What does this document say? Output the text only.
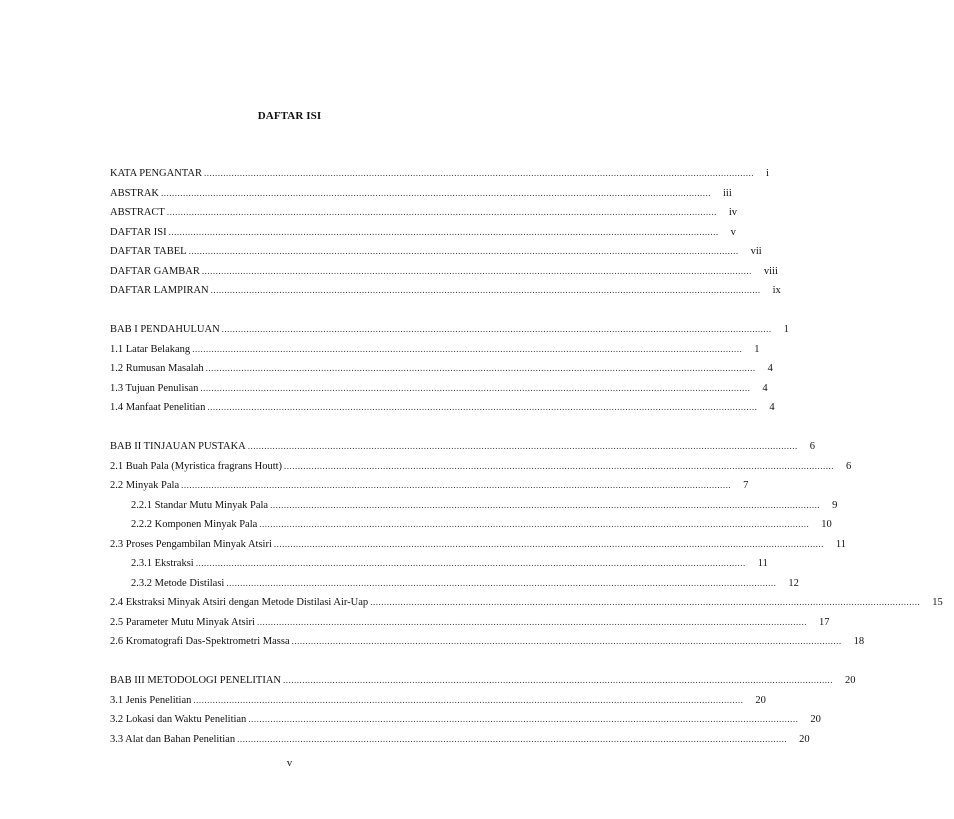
DAFTAR ISI
KATA PENGANTAR ........................................................................................................................................................................................................ i
ABSTRAK ........................................................................................................................................................................................................ iii
ABSTRACT ........................................................................................................................................................................................................ iv
DAFTAR ISI ........................................................................................................................................................................................................ v
DAFTAR TABEL ........................................................................................................................................................................................................ vii
DAFTAR GAMBAR ........................................................................................................................................................................................................ viii
DAFTAR LAMPIRAN ........................................................................................................................................................................................................ ix
BAB I PENDAHULUAN ........................................................................................................................................................................................................ 1
1.1 Latar Belakang ........................................................................................................................................................................................................ 1
1.2 Rumusan Masalah ........................................................................................................................................................................................................ 4
1.3 Tujuan Penulisan ........................................................................................................................................................................................................ 4
1.4 Manfaat Penelitian ........................................................................................................................................................................................................ 4
BAB II TINJAUAN PUSTAKA ........................................................................................................................................................................................................ 6
2.1 Buah Pala (Myristica fragrans Houtt) ........................................................................................................................................................................................................ 6
2.2 Minyak Pala ........................................................................................................................................................................................................ 7
2.2.1 Standar Mutu Minyak Pala ........................................................................................................................................................................................................ 9
2.2.2 Komponen Minyak Pala ........................................................................................................................................................................................................ 10
2.3 Proses Pengambilan Minyak Atsiri ........................................................................................................................................................................................................ 11
2.3.1 Ekstraksi ........................................................................................................................................................................................................ 11
2.3.2 Metode Distilasi ........................................................................................................................................................................................................ 12
2.4 Ekstraksi Minyak Atsiri dengan Metode Distilasi Air-Uap ........................................................................................................................................................................................................ 15
2.5 Parameter Mutu Minyak Atsiri ........................................................................................................................................................................................................ 17
2.6 Kromatografi Das-Spektrometri Massa ........................................................................................................................................................................................................ 18
BAB III METODOLOGI PENELITIAN ........................................................................................................................................................................................................ 20
3.1 Jenis Penelitian ........................................................................................................................................................................................................ 20
3.2 Lokasi dan Waktu Penelitian ........................................................................................................................................................................................................ 20
3.3 Alat dan Bahan Penelitian ........................................................................................................................................................................................................ 20
v
